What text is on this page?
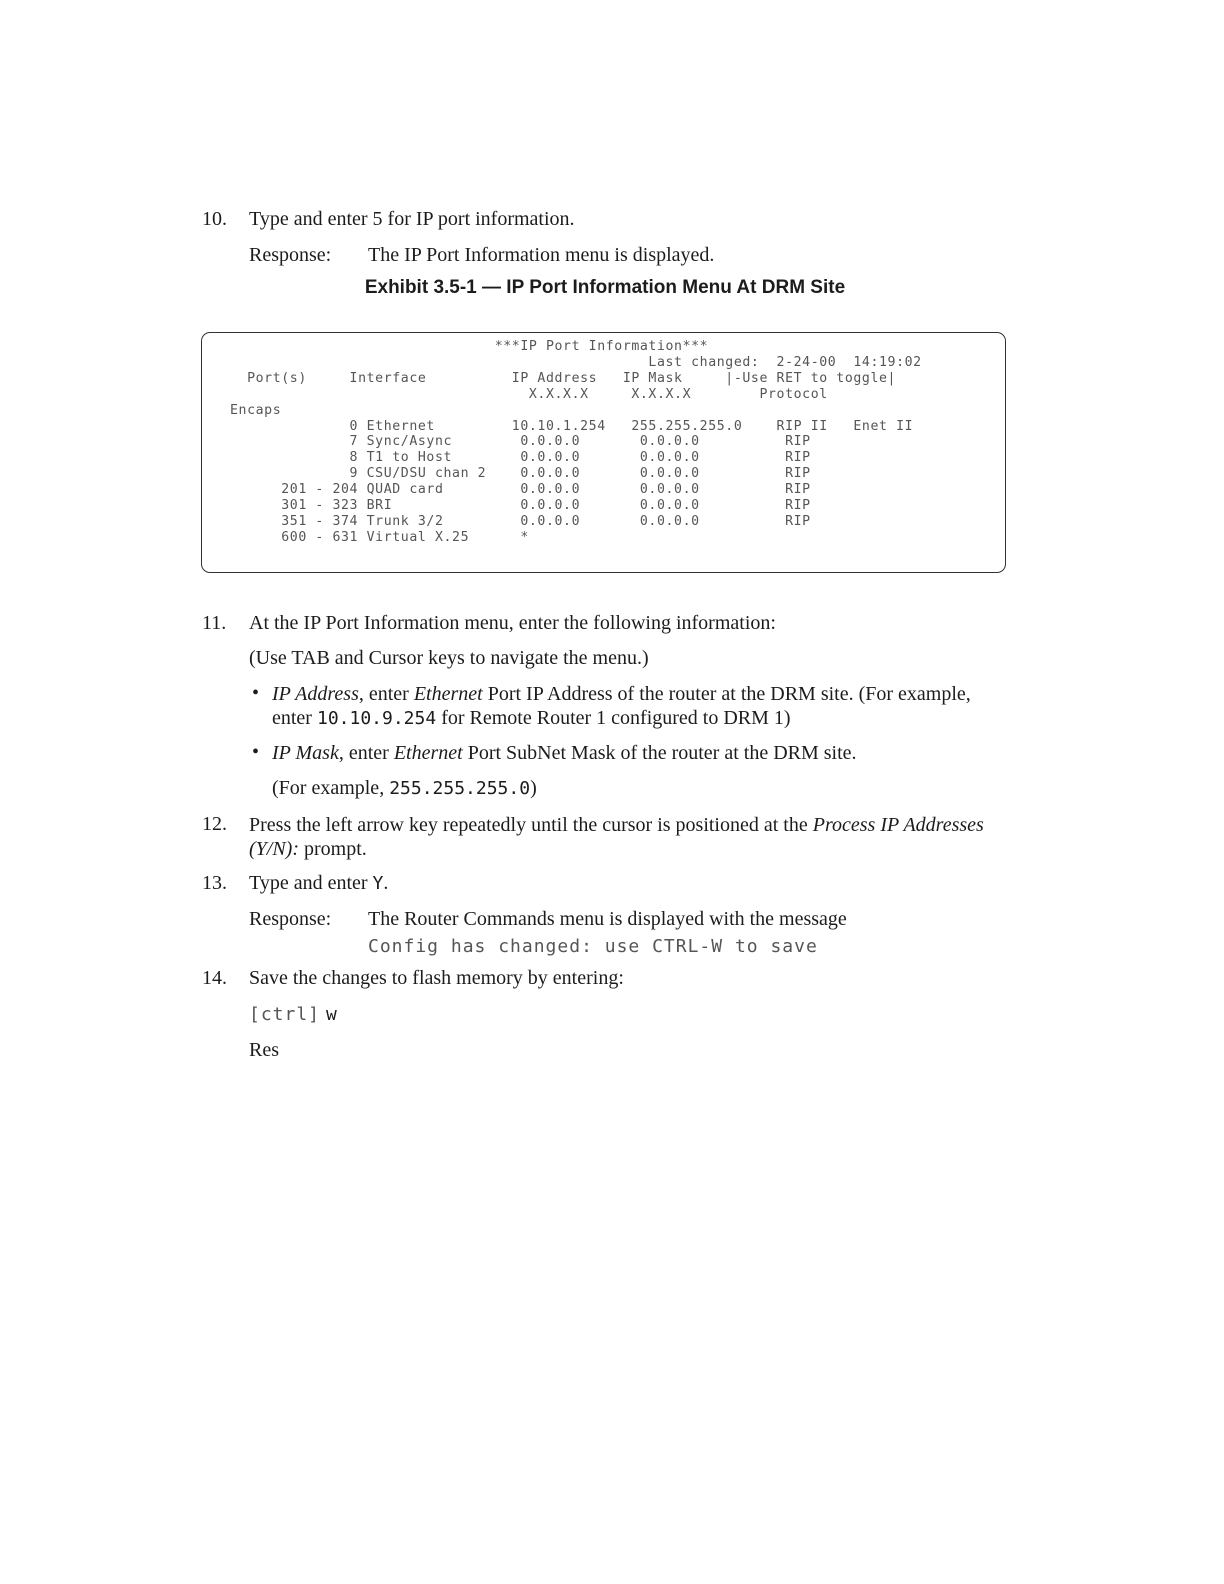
10. Type and enter 5 for IP port information.
Response: The IP Port Information menu is displayed.
Exhibit 3.5-1 — IP Port Information Menu At DRM Site
***IP Port Information***
Last changed:  2-24-00  14:19:02
Port(s)     Interface          IP Address   IP Mask     |-Use RET to toggle|
X.X.X.X     X.X.X.X        Protocol
Encaps
0 Ethernet         10.10.1.254   255.255.255.0    RIP II   Enet II
7 Sync/Async        0.0.0.0       0.0.0.0          RIP
8 T1 to Host        0.0.0.0       0.0.0.0          RIP
9 CSU/DSU chan 2    0.0.0.0       0.0.0.0          RIP
201 - 204 QUAD card         0.0.0.0       0.0.0.0          RIP
301 - 323 BRI               0.0.0.0       0.0.0.0          RIP
351 - 374 Trunk 3/2         0.0.0.0       0.0.0.0          RIP
600 - 631 Virtual X.25      *
11. At the IP Port Information menu, enter the following information:
(Use TAB and Cursor keys to navigate the menu.)
• IP Address, enter Ethernet Port IP Address of the router at the DRM site. (For example, enter 10.10.9.254 for Remote Router 1 configured to DRM 1)
• IP Mask, enter Ethernet Port SubNet Mask of the router at the DRM site.
(For example, 255.255.255.0)
12. Press the left arrow key repeatedly until the cursor is positioned at the Process IP Addresses (Y/N): prompt.
13. Type and enter Y.
Response: The Router Commands menu is displayed with the message
Config has changed: use CTRL-W to save
14. Save the changes to flash memory by entering:
[ctrl] w
Res
